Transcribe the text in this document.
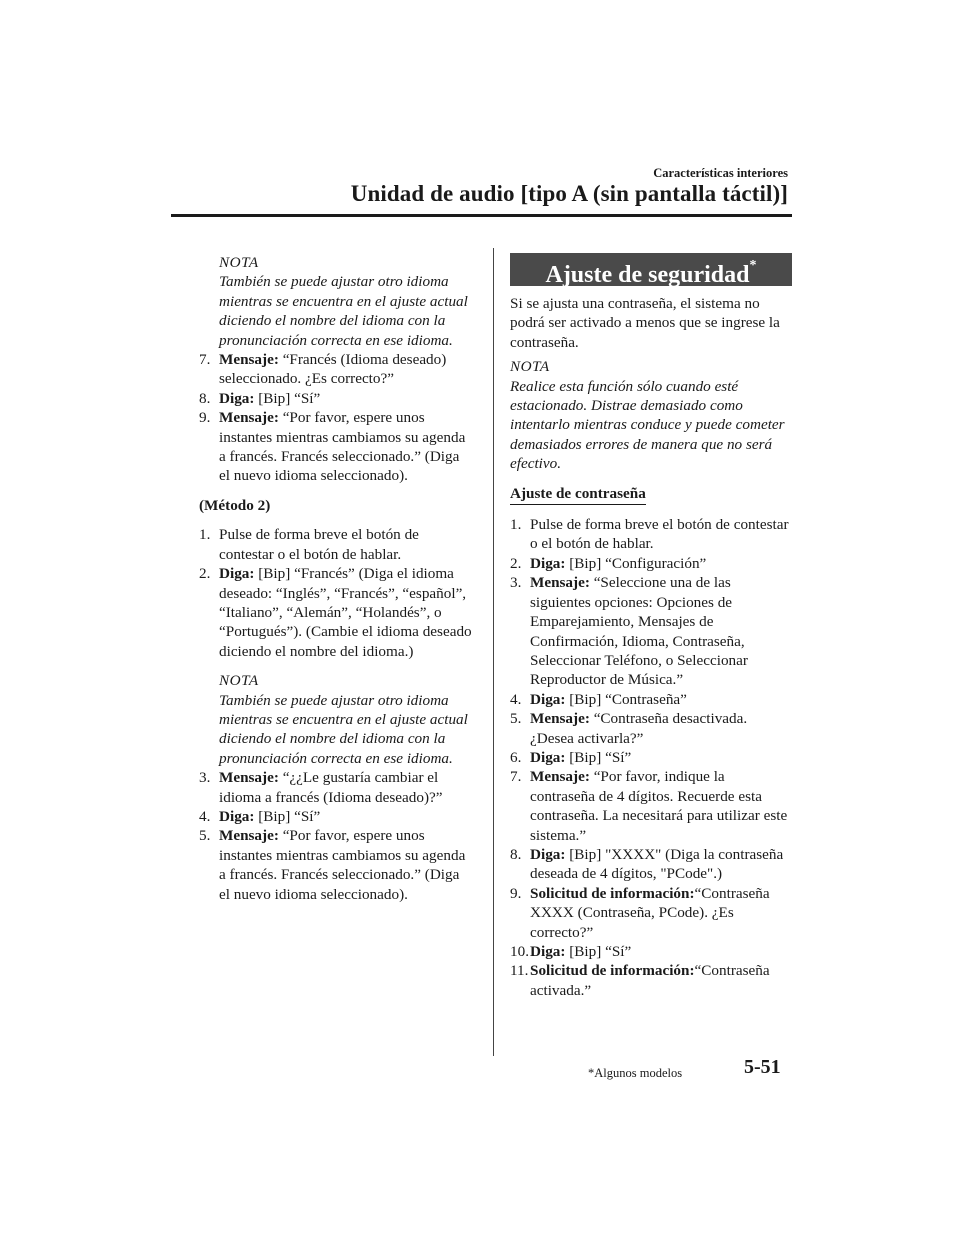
Características interiores
Unidad de audio [tipo A (sin pantalla táctil)]
NOTA
También se puede ajustar otro idioma mientras se encuentra en el ajuste actual diciendo el nombre del idioma con la pronunciación correcta en ese idioma.
7. Mensaje: “Francés (Idioma deseado) seleccionado. ¿Es correcto?”
8. Diga: [Bip] “Sí”
9. Mensaje: “Por favor, espere unos instantes mientras cambiamos su agenda a francés. Francés seleccionado.” (Diga el nuevo idioma seleccionado).
(Método 2)
1. Pulse de forma breve el botón de contestar o el botón de hablar.
2. Diga: [Bip] “Francés” (Diga el idioma deseado: “Inglés”, “Francés”, “español”, “Italiano”, “Alemán”, “Holandés”, o “Portugués”). (Cambie el idioma deseado diciendo el nombre del idioma.)
NOTA
También se puede ajustar otro idioma mientras se encuentra en el ajuste actual diciendo el nombre del idioma con la pronunciación correcta en ese idioma.
3. Mensaje: “¿¿Le gustaría cambiar el idioma a francés (Idioma deseado)?”
4. Diga: [Bip] “Sí”
5. Mensaje: “Por favor, espere unos instantes mientras cambiamos su agenda a francés. Francés seleccionado.” (Diga el nuevo idioma seleccionado).
Ajuste de seguridad*
Si se ajusta una contraseña, el sistema no podrá ser activado a menos que se ingrese la contraseña.
NOTA
Realice esta función sólo cuando esté estacionado. Distrae demasiado como intentarlo mientras conduce y puede cometer demasiados errores de manera que no será efectivo.
Ajuste de contraseña
1. Pulse de forma breve el botón de contestar o el botón de hablar.
2. Diga: [Bip] “Configuración”
3. Mensaje: “Seleccione una de las siguientes opciones: Opciones de Emparejamiento, Mensajes de Confirmación, Idioma, Contraseña, Seleccionar Teléfono, o Seleccionar Reproductor de Música.”
4. Diga: [Bip] “Contraseña”
5. Mensaje: “Contraseña desactivada. ¿Desea activarla?”
6. Diga: [Bip] “Sí”
7. Mensaje: “Por favor, indique la contraseña de 4 dígitos. Recuerde esta contraseña. La necesitará para utilizar este sistema.”
8. Diga: [Bip] "XXXX" (Diga la contraseña deseada de 4 dígitos, "PCode".)
9. Solicitud de información:“Contraseña XXXX (Contraseña, PCode). ¿Es correcto?”
10. Diga: [Bip] “Sí”
11. Solicitud de información:“Contraseña activada.”
*Algunos modelos	5-51
